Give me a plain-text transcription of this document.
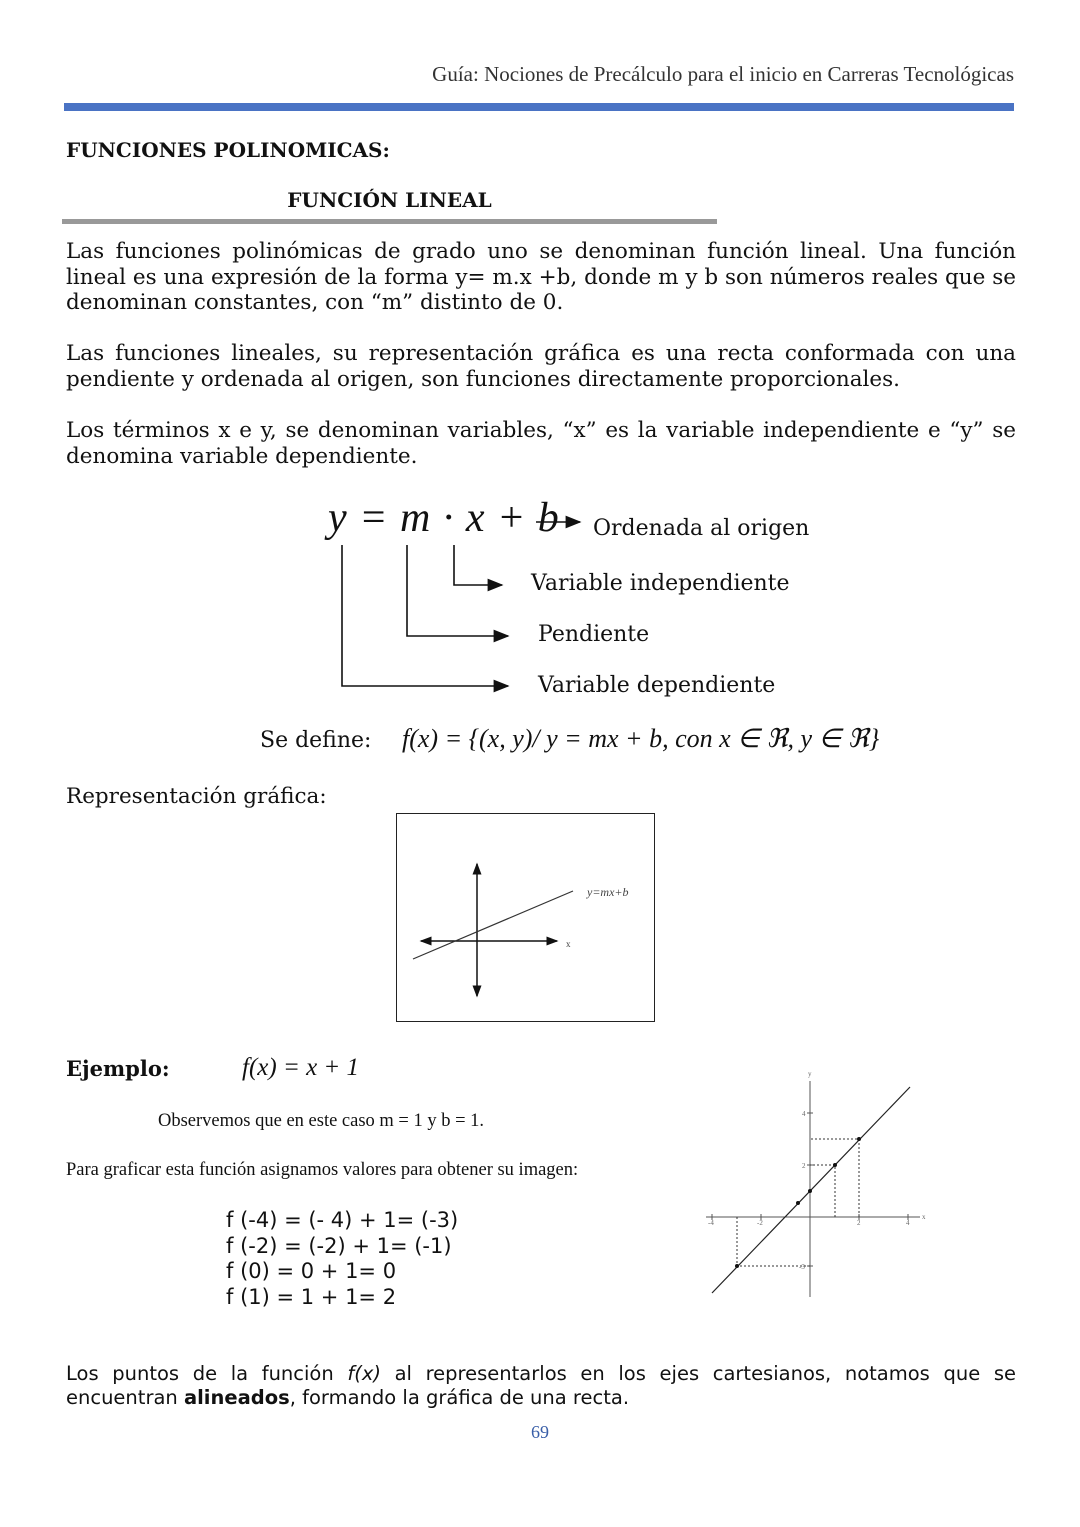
Guía: Nociones de Precálculo para el inicio en Carreras Tecnológicas
FUNCIONES POLINOMICAS:
FUNCIÓN LINEAL
Las funciones polinómicas de grado uno se denominan función lineal. Una función lineal es una expresión de la forma y= m.x +b, donde m y b son números reales que se denominan constantes, con “m” distinto de 0.
Las funciones lineales, su representación gráfica es una recta conformada con una pendiente y ordenada al origen, son funciones directamente proporcionales.
Los términos x e y, se denominan variables, “x” es la variable independiente e “y” se denomina variable dependiente.
y = m · x + b Ordenada al origen
Variable independiente
Pendiente
Variable dependiente
Se define: f(x) = {(x, y)/ y = mx + b, con x ∈ ℜ, y ∈ ℜ}
Representación gráfica:
y=mx+b
x
Ejemplo:	f(x) = x + 1
Observemos que en este caso m = 1 y b = 1.
Para graficar esta función asignamos valores para obtener su imagen:
f (-4) = (- 4) + 1= (-3)
f (-2) = (-2) + 1= (-1)
f (0) = 0 + 1= 0
f (1) = 1 + 1= 2
-4	-2	2	4
4
2
-3
x
y
Los puntos de la función f(x) al representarlos en los ejes cartesianos, notamos que se encuentran alineados, formando la gráfica de una recta.
69
